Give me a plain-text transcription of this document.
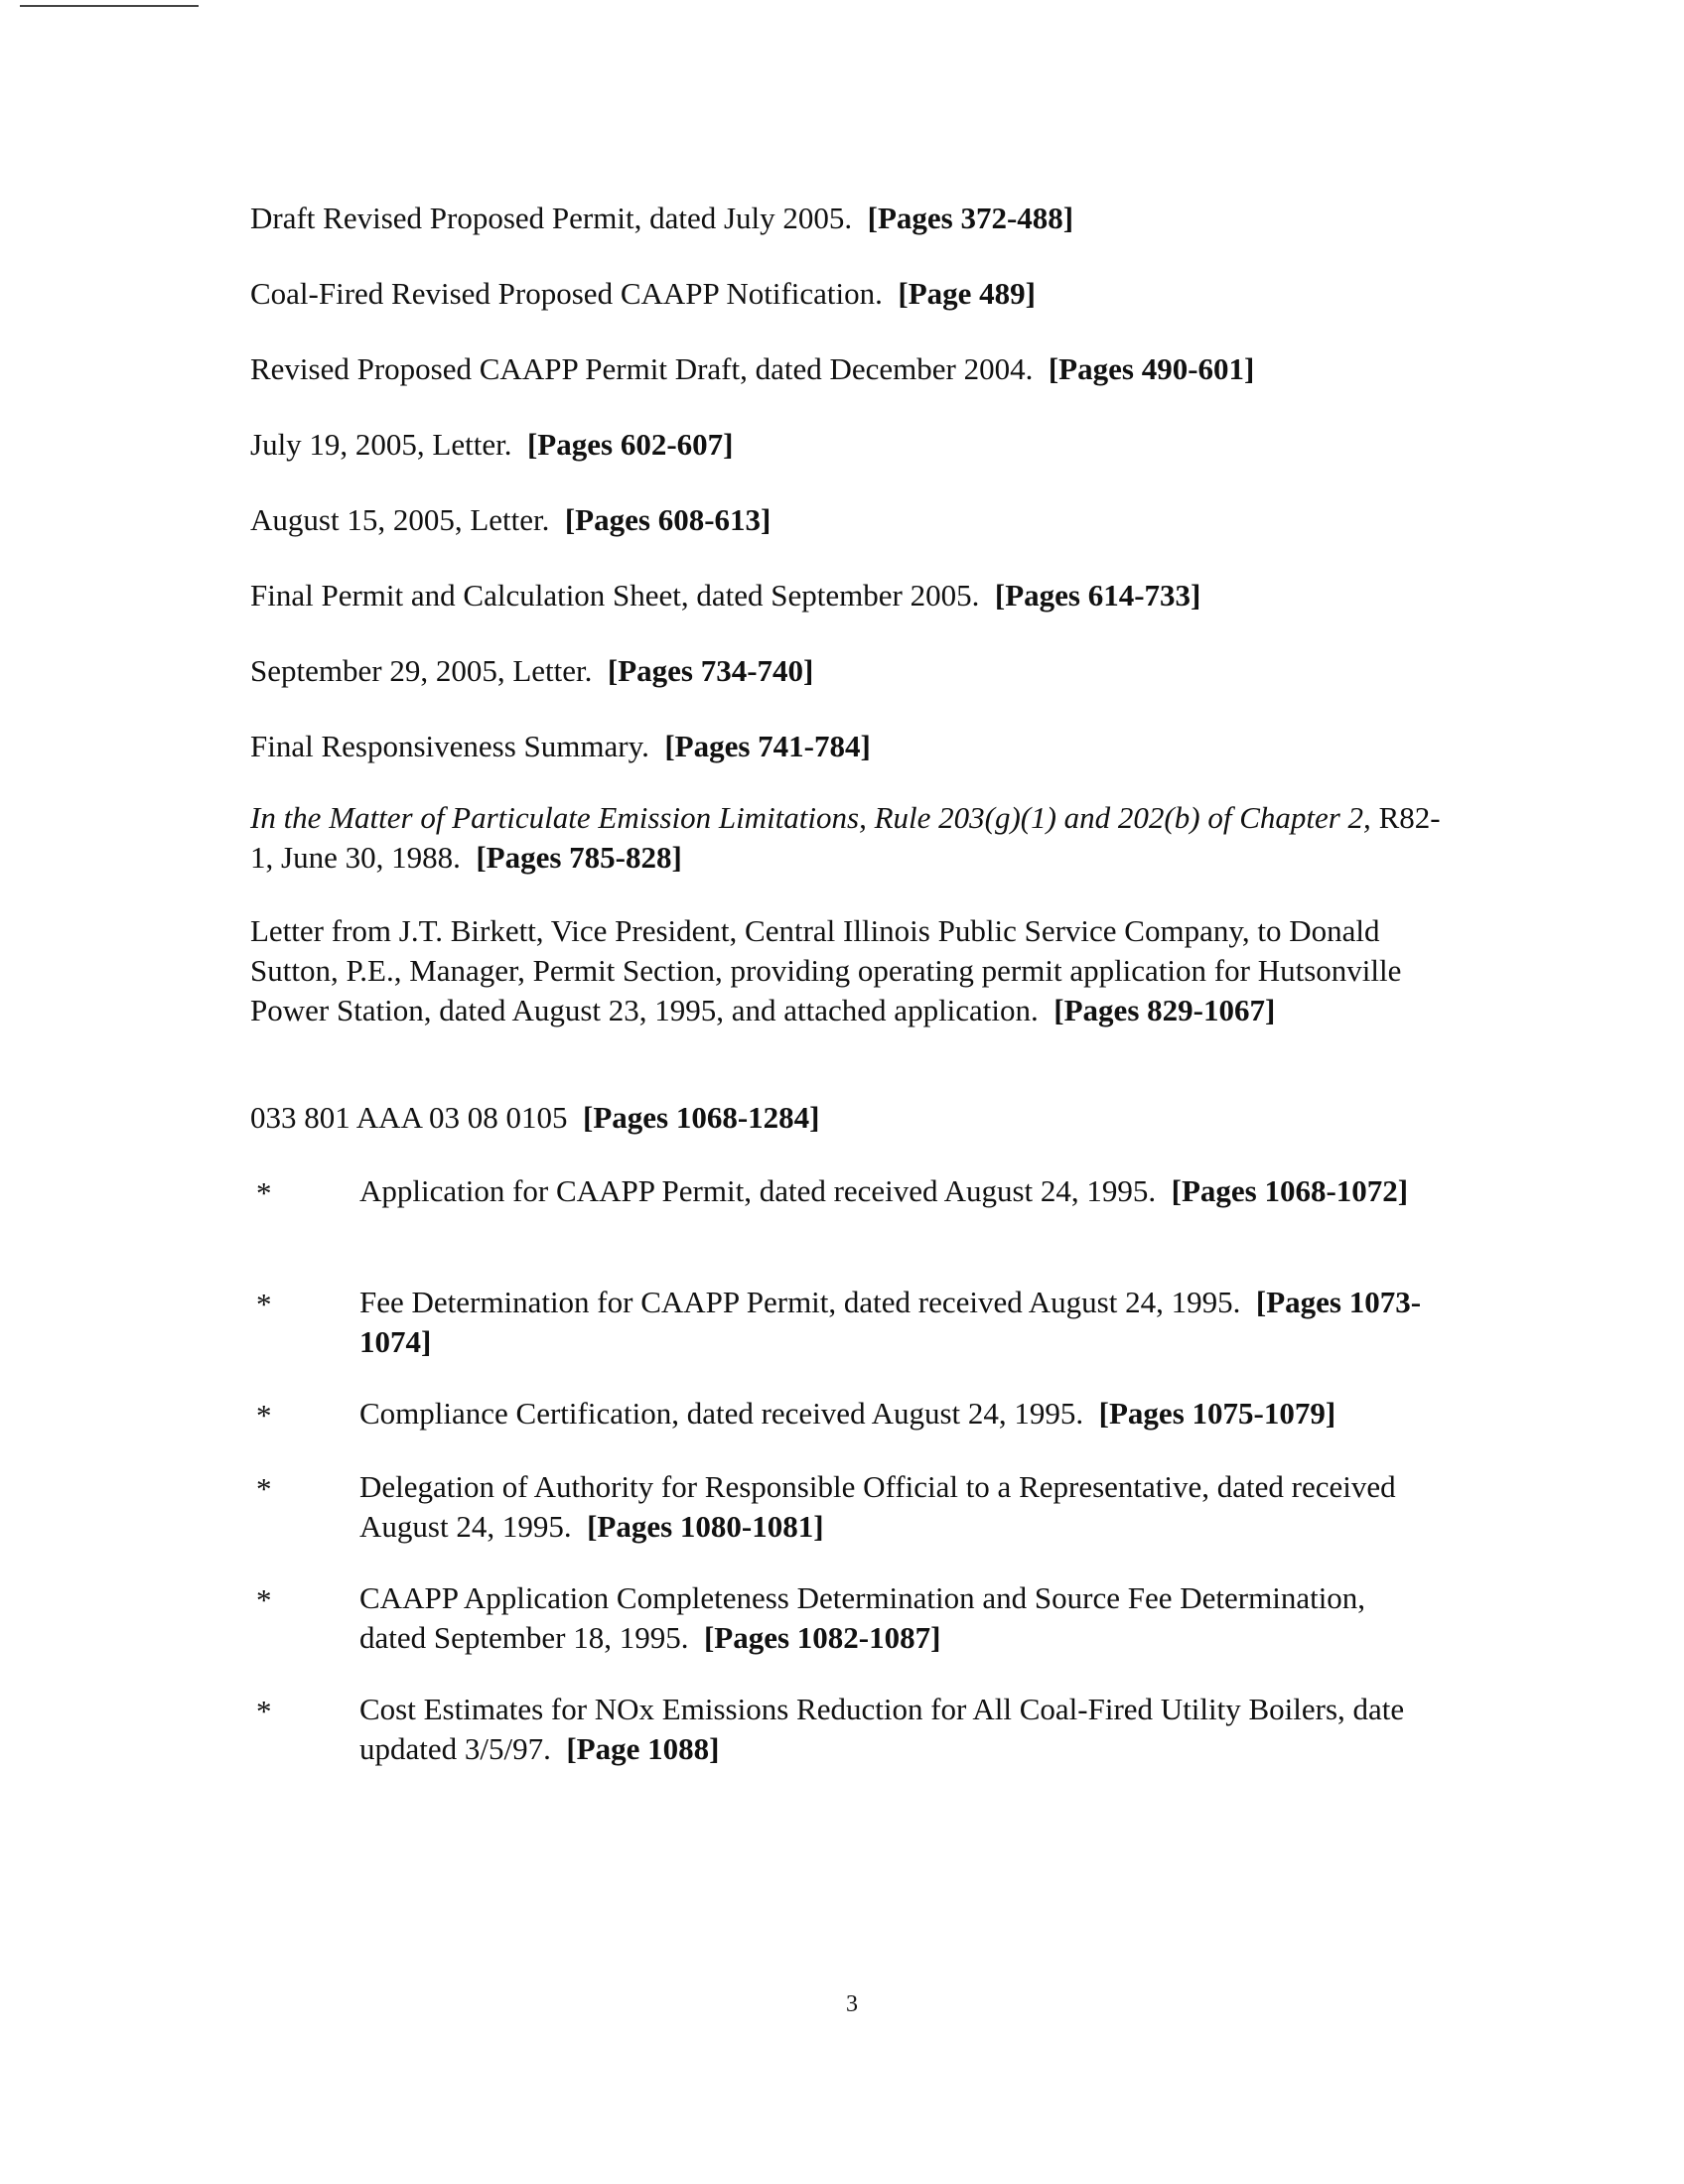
Draft Revised Proposed Permit, dated July 2005. [Pages 372-488]
Coal-Fired Revised Proposed CAAPP Notification. [Page 489]
Revised Proposed CAAPP Permit Draft, dated December 2004. [Pages 490-601]
July 19, 2005, Letter. [Pages 602-607]
August 15, 2005, Letter. [Pages 608-613]
Final Permit and Calculation Sheet, dated September 2005. [Pages 614-733]
September 29, 2005, Letter. [Pages 734-740]
Final Responsiveness Summary. [Pages 741-784]
In the Matter of Particulate Emission Limitations, Rule 203(g)(1) and 202(b) of Chapter 2, R82-1, June 30, 1988. [Pages 785-828]
Letter from J.T. Birkett, Vice President, Central Illinois Public Service Company, to Donald Sutton, P.E., Manager, Permit Section, providing operating permit application for Hutsonville Power Station, dated August 23, 1995, and attached application. [Pages 829-1067]
033 801 AAA 03 08 0105 [Pages 1068-1284]
*	Application for CAAPP Permit, dated received August 24, 1995. [Pages 1068-1072]
*	Fee Determination for CAAPP Permit, dated received August 24, 1995. [Pages 1073-1074]
*	Compliance Certification, dated received August 24, 1995. [Pages 1075-1079]
*	Delegation of Authority for Responsible Official to a Representative, dated received August 24, 1995. [Pages 1080-1081]
*	CAAPP Application Completeness Determination and Source Fee Determination, dated September 18, 1995. [Pages 1082-1087]
*	Cost Estimates for NOx Emissions Reduction for All Coal-Fired Utility Boilers, date updated 3/5/97. [Page 1088]
3
